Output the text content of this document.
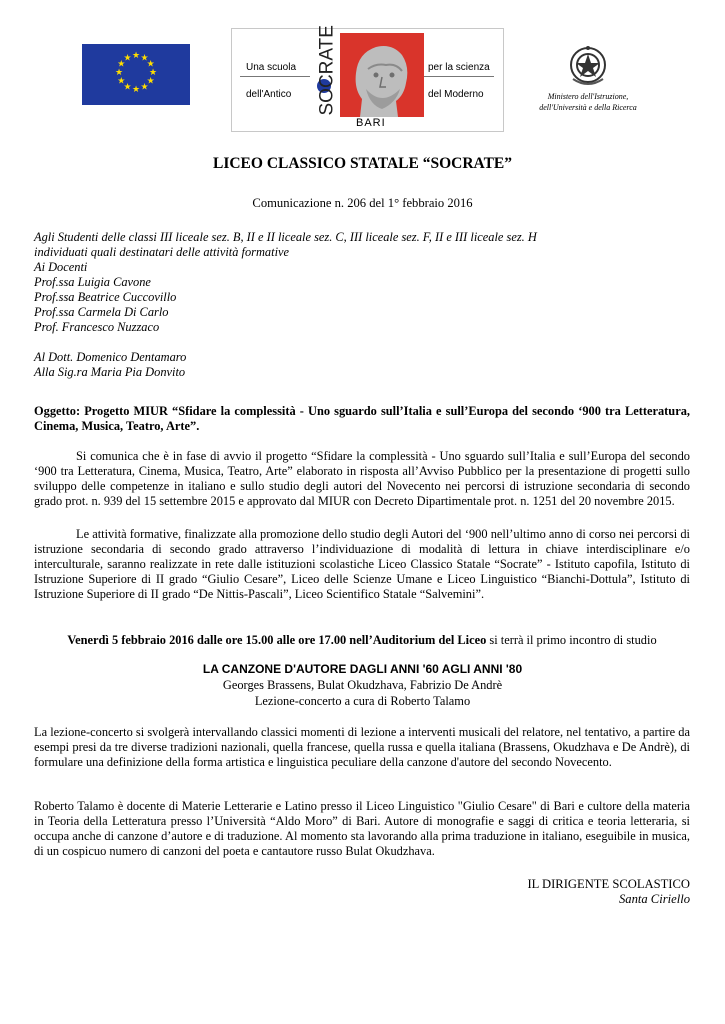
★ ★
★
★
★
★
★
★
★
★
★
★
Una scuola
dell'Antico SOCRATE
BARI
per la scienza
del Moderno	Ministero dell'Istruzione,
dell'Università e della Ricerca
LICEO CLASSICO STATALE “SOCRATE”
Comunicazione n. 206 del 1° febbraio 2016
Agli Studenti delle classi III liceale sez. B, II e II liceale sez. C, III liceale sez. F, II e III liceale sez. H
individuati quali destinatari delle attività formative
Ai Docenti
Prof.ssa Luigia Cavone
Prof.ssa Beatrice Cuccovillo
Prof.ssa Carmela Di Carlo
Prof. Francesco Nuzzaco
Al Dott. Domenico Dentamaro
Alla Sig.ra Maria Pia Donvito
Oggetto: Progetto MIUR “Sfidare la complessità - Uno sguardo sull’Italia e sull’Europa del secondo ‘900 tra Letteratura, Cinema, Musica, Teatro, Arte”.
Si comunica che è in fase di avvio il progetto “Sfidare la complessità - Uno sguardo sull’Italia e sull’Europa del secondo ‘900 tra Letteratura, Cinema, Musica, Teatro, Arte” elaborato in risposta all’Avviso Pubblico per la presentazione di progetti sullo sviluppo delle competenze in italiano e sullo studio degli autori del Novecento nei percorsi di istruzione secondaria di secondo grado prot. n. 939 del 15 settembre 2015 e approvato dal MIUR con Decreto Dipartimentale prot. n. 1251 del 20 novembre 2015.
Le attività formative, finalizzate alla promozione dello studio degli Autori del ‘900 nell’ultimo anno di corso nei percorsi di istruzione secondaria di secondo grado attraverso l’individuazione di modalità di lettura in chiave interdisciplinare e/o interculturale, saranno realizzate in rete dalle istituzioni scolastiche Liceo Classico Statale “Socrate” - Istituto capofila, Istituto di Istruzione Superiore di II grado “Giulio Cesare”, Liceo delle Scienze Umane e Liceo Linguistico “Bianchi-Dottula”, Istituto di Istruzione Superiore di II grado “De Nittis-Pascali”, Liceo Scientifico Statale “Salvemini”.
Venerdì 5 febbraio 2016 dalle ore 15.00 alle ore 17.00 nell’Auditorium del Liceo si terrà il primo incontro di studio
LA CANZONE D'AUTORE DAGLI ANNI '60 AGLI ANNI '80
Georges Brassens, Bulat Okudzhava, Fabrizio De Andrè
Lezione-concerto a cura di Roberto Talamo
La lezione-concerto si svolgerà intervallando classici momenti di lezione a interventi musicali del relatore, nel tentativo, a partire da esempi presi da tre diverse tradizioni nazionali, quella francese, quella russa e quella italiana (Brassens, Okudzhava e De Andrè), di formulare una definizione della forma artistica e linguistica peculiare della canzone d'autore del secondo Novecento.
Roberto Talamo è docente di Materie Letterarie e Latino presso il Liceo Linguistico "Giulio Cesare" di Bari e cultore della materia in Teoria della Letteratura presso l’Università “Aldo Moro” di Bari. Autore di monografie e saggi di critica e teoria letteraria, si occupa anche di canzone d’autore e di traduzione. Al momento sta lavorando alla prima traduzione in italiano, eseguibile in musica, di un cospicuo numero di canzoni del poeta e cantautore russo Bulat Okudzhava.
IL DIRIGENTE SCOLASTICO
Santa Ciriello
